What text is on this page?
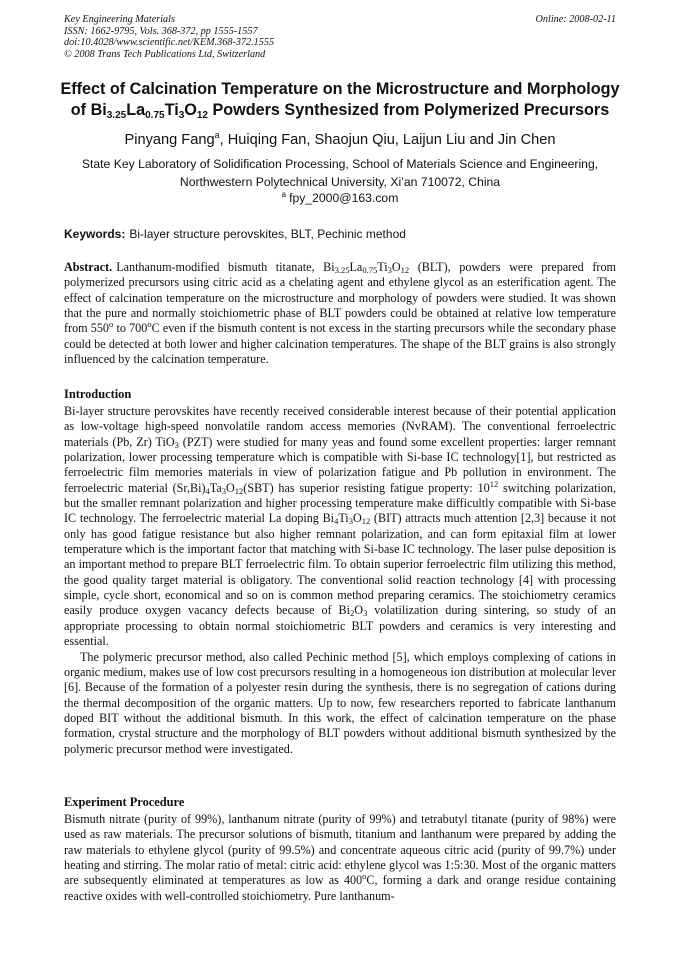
Key Engineering Materials
ISSN: 1662-9795, Vols. 368-372, pp 1555-1557
doi:10.4028/www.scientific.net/KEM.368-372.1555
© 2008 Trans Tech Publications Ltd, Switzerland
Online: 2008-02-11
Effect of Calcination Temperature on the Microstructure and Morphology
of $Bi_{3.25}La_{0.75}Ti_3O_{12}$ Powders Synthesized from Polymerized Precursors
Pinyang Fang$^a$, Huiqing Fan, Shaojun Qiu, Laijun Liu and Jin Chen
State Key Laboratory of Solidification Processing, School of Materials Science and Engineering,
Northwestern Polytechnical University, Xi’an 710072, China
$^a$ fpy_2000@163.com
Keywords: Bi-layer structure perovskites, BLT, Pechinic method

Abstract. Lanthanum-modified bismuth titanate, $Bi_{3.25}La_{0.75}Ti_3O_{12}$ (BLT), powders were prepared from polymerized precursors using citric acid as a chelating agent and ethylene glycol as an esterification agent. The effect of calcination temperature on the microstructure and morphology of powders were studied. It was shown that the pure and normally stoichiometric phase of BLT powders could be obtained at relative low temperature from 550$^o$ to 700$^o$C even if the bismuth content is not excess in the starting precursors while the secondary phase could be detected at both lower and higher calcination temperatures. The shape of the BLT grains is also strongly influenced by the calcination temperature.

Introduction

Bi-layer structure perovskites have recently received considerable interest because of their potential application as low-voltage high-speed nonvolatile random access memories (NvRAM). The conventional ferroelectric materials (Pb, Zr) TiO$_3$ (PZT) were studied for many yeas and found some excellent properties: larger remnant polarization, lower processing temperature which is compatible with Si-base IC technology[1], but restricted as ferroelectric film memories materials in view of polarization fatigue and Pb pollution in environment. The ferroelectric material $(Sr,Bi)_4Ta_3O_{12}(SBT)$ has superior resisting fatigue property: $10^{12}$ switching polarization, but the smaller remnant polarization and higher processing temperature make difficultly compatible with Si-base IC technology. The ferroelectric material La doping $Bi_4Ti_3O_{12}$ (BIT) attracts much attention [2,3] because it not only has good fatigue resistance but also higher remnant polarization, and can form epitaxial film at lower temperature which is the important factor that matching with Si-base IC technology. The laser pulse deposition is an important method to prepare BLT ferroelectric film. To obtain superior ferroelectric film utilizing this method, the good quality target material is obligatory. The conventional solid reaction technology [4] with processing simple, cycle short, economical and so on is common method preparing ceramics. The stoichiometry ceramics easily produce oxygen vacancy defects because of $Bi_2O_3$ volatilization during sintering, so study of an appropriate processing to obtain normal stoichiometric BLT powders and ceramics is very interesting and essential.

The polymeric precursor method, also called Pechinic method [5], which employs complexing of cations in organic medium, makes use of low cost precursors resulting in a homogeneous ion distribution at molecular lever [6]. Because of the formation of a polyester resin during the synthesis, there is no segregation of cations during the thermal decomposition of the organic matters. Up to now, few researchers reported to fabricate lanthanum doped BIT without the additional bismuth. In this work, the effect of calcination temperature on the phase formation, crystal structure and the morphology of BLT powders without additional bismuth synthesized by the polymeric precursor method were investigated.

Experiment Procedure

Bismuth nitrate (purity of 99%), lanthanum nitrate (purity of 99%) and tetrabutyl titanate (purity of 98%) were used as raw materials. The precursor solutions of bismuth, titanium and lanthanum were prepared by adding the raw materials to ethylene glycol (purity of 99.5%) and concentrate aqueous citric acid (purity of 99.7%) under heating and stirring. The molar ratio of metal: citric acid: ethylene glycol was 1:5:30. Most of the organic matters are subsequently eliminated at temperatures as low as 400$^o$C, forming a dark and orange residue containing reactive oxides with well-controlled stoichiometry. Pure lanthanum-
